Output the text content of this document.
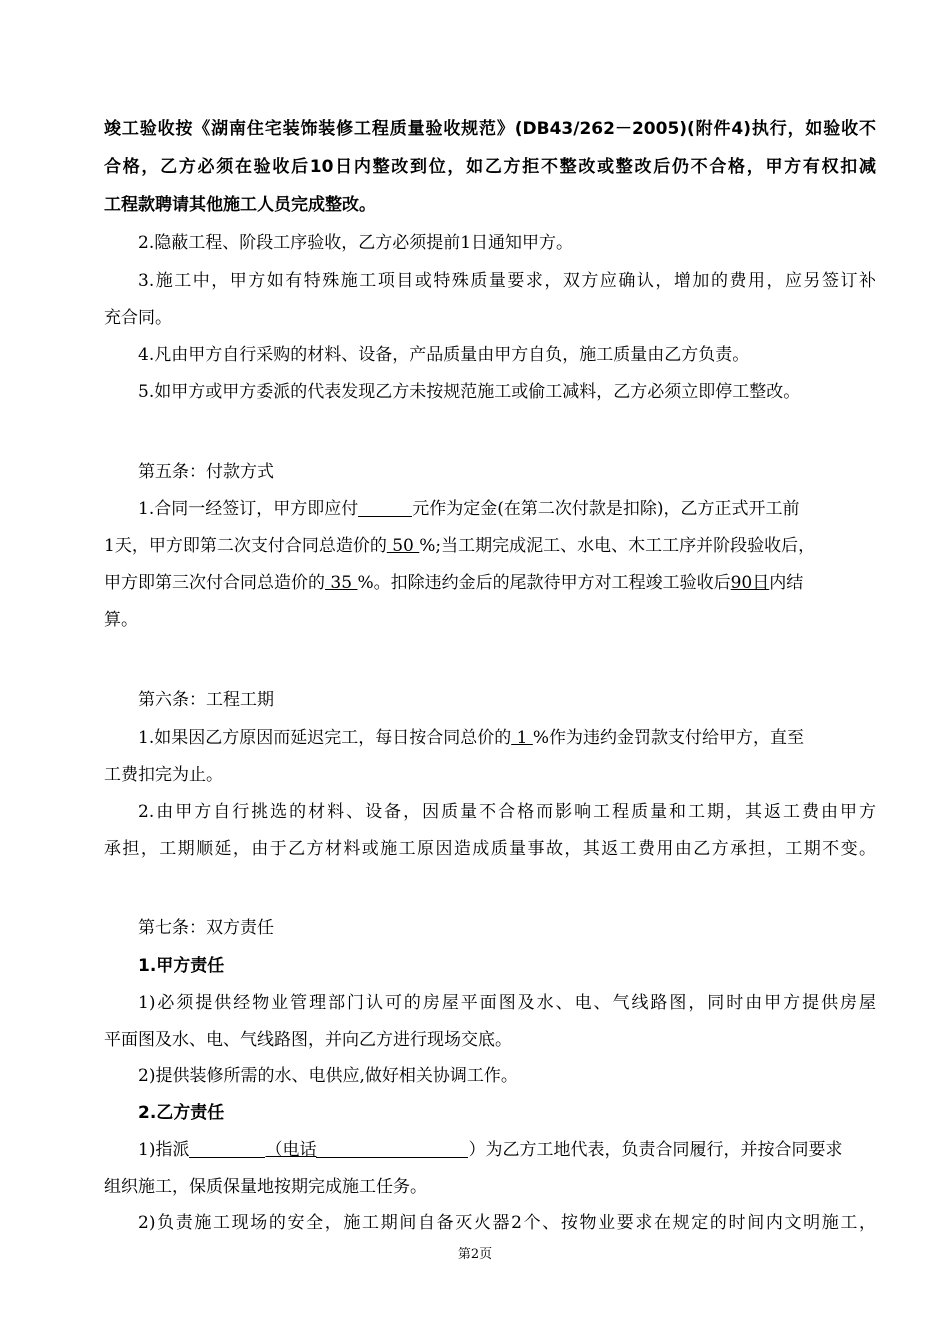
竣工验收按《湖南住宅装饰装修工程质量验收规范》(DB43/262－2005)(附件4)执行，如验收不
合格，乙方必须在验收后10日内整改到位，如乙方拒不整改或整改后仍不合格，甲方有权扣减
工程款聘请其他施工人员完成整改。
2.隐蔽工程、阶段工序验收，乙方必须提前1日通知甲方。
3.施工中，甲方如有特殊施工项目或特殊质量要求，双方应确认，增加的费用，应另签订补
充合同。
4.凡由甲方自行采购的材料、设备，产品质量由甲方自负，施工质量由乙方负责。
5.如甲方或甲方委派的代表发现乙方未按规范施工或偷工减料，乙方必须立即停工整改。
第五条：付款方式
1.合同一经签订，甲方即应付	元作为定金(在第二次付款是扣除)，乙方正式开工前
1天，甲方即第二次支付合同总造价的 50 %;当工期完成泥工、水电、木工工序并阶段验收后，
甲方即第三次付合同总造价的 35 %。扣除违约金后的尾款待甲方对工程竣工验收后90日内结
算。
第六条：工程工期
1.如果因乙方原因而延迟完工，每日按合同总价的 1 %作为违约金罚款支付给甲方，直至
工费扣完为止。
2.由甲方自行挑选的材料、设备，因质量不合格而影响工程质量和工期，其返工费由甲方
承担，工期顺延，由于乙方材料或施工原因造成质量事故，其返工费用由乙方承担，工期不变。
第七条：双方责任
1.甲方责任
1)必须提供经物业管理部门认可的房屋平面图及水、电、气线路图，同时由甲方提供房屋
平面图及水、电、气线路图，并向乙方进行现场交底。
2)提供装修所需的水、电供应,做好相关协调工作。
2.乙方责任
1)指派	（电话	）为乙方工地代表，负责合同履行，并按合同要求
组织施工，保质保量地按期完成施工任务。
2)负责施工现场的安全，施工期间自备灭火器2个、按物业要求在规定的时间内文明施工，
第2页
